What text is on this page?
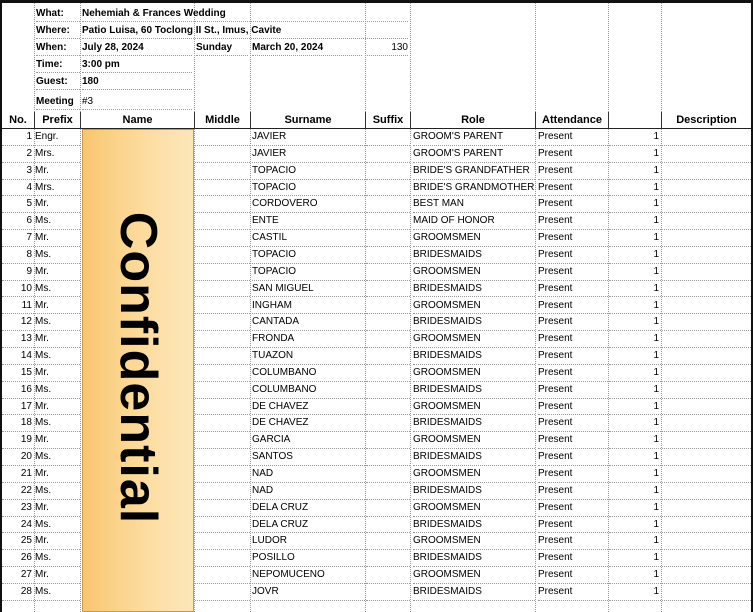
What:	Nehemiah & Frances Wedding
Where:	Patio Luisa, 60 Toclong II St., Imus, Cavite
When:	July 28, 2024	Sunday	March 20, 2024	130
Time:	3:00 pm
Guest:	180
Meeting #3
No.	Prefix	Name	Middle	Surname	Suffix	Role	Attendance	Description
1 Engr.	JAVIER	GROOM'S PARENT	Present	1
2 Mrs.	JAVIER	GROOM'S PARENT	Present	1
3 Mr.	TOPACIO	BRIDE'S GRANDFATHER Present	1
4 Mrs.	TOPACIO	BRIDE'S GRANDMOTHER Present	1
5 Mr.	CORDOVERO	BEST MAN	Present	1
6 Ms.	ENTE	MAID OF HONOR	Present	1
7 Mr.	CASTIL	GROOMSMEN	Present	1
8 Ms.	TOPACIO	BRIDESMAIDS	Present	1
9 Mr.	TOPACIO	GROOMSMEN	Present	1
10 Ms.	SAN MIGUEL	BRIDESMAIDS	Present	1
11 Mr.	INGHAM	GROOMSMEN	Present	1
12 Ms.	CANTADA	BRIDESMAIDS	Present	1
13 Mr.	FRONDA	GROOMSMEN	Present	1
14 Ms.	TUAZON	BRIDESMAIDS	Present	1
15 Mr.	COLUMBANO	GROOMSMEN	Present	1
16 Ms.	COLUMBANO	BRIDESMAIDS	Present	1
17 Mr.	DE CHAVEZ	GROOMSMEN	Present	1
18 Ms.	DE CHAVEZ	BRIDESMAIDS	Present	1
19 Mr.	GARCIA	GROOMSMEN	Present	1
20 Ms.	SANTOS	BRIDESMAIDS	Present	1
21 Mr.	NAD	GROOMSMEN	Present	1
22 Ms.	NAD	BRIDESMAIDS	Present	1
23 Mr.	DELA CRUZ	GROOMSMEN	Present	1
24 Ms.	DELA CRUZ	BRIDESMAIDS	Present	1
25 Mr.	LUDOR	GROOMSMEN	Present	1
26 Ms.	POSILLO	BRIDESMAIDS	Present	1
27 Mr.	NEPOMUCENO	GROOMSMEN	Present	1
28 Ms.	JOVR	BRIDESMAIDS	Present	1
Confidential
